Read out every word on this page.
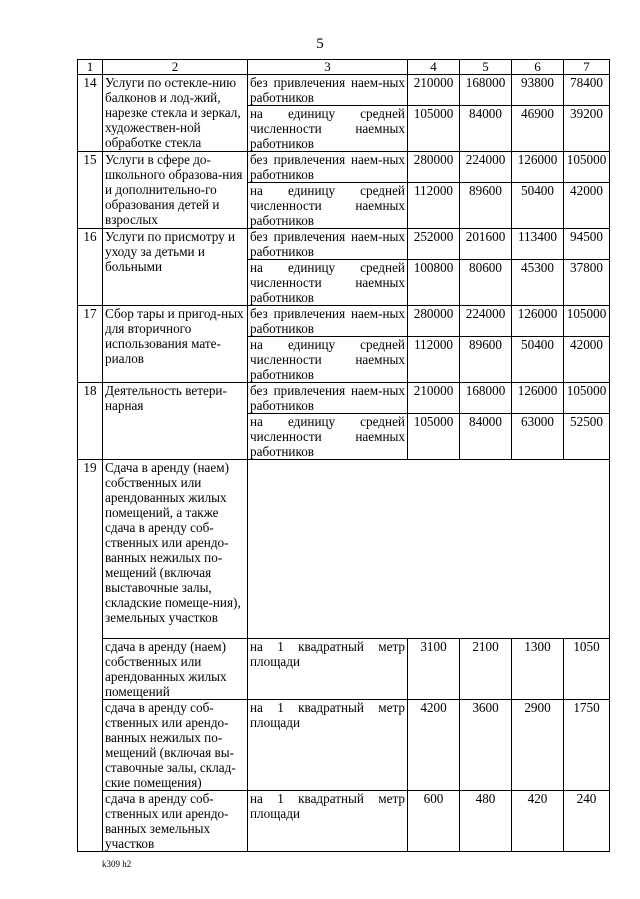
5
1	2	3	4	5	6	7
14	Услуги по остекле-нию балконов и лод-жий, нарезке стекла и зеркал, художествен-ной обработке стекла	без привлечения наем-ных работников	210000	168000	93800	78400
		на единицу средней численности наемных работников	105000	84000	46900	39200
15	Услуги в сфере до-школьного образова-ния и дополнительно-го образования детей и взрослых	без привлечения наем-ных работников	280000	224000	126000	105000
		на единицу средней численности наемных работников	112000	89600	50400	42000
16	Услуги по присмотру и уходу за детьми и больными	без привлечения наем-ных работников	252000	201600	113400	94500
		на единицу средней численности наемных работников	100800	80600	45300	37800
17	Сбор тары и пригод-ных для вторичного использования мате-риалов	без привлечения наем-ных работников	280000	224000	126000	105000
		на единицу средней численности наемных работников	112000	89600	50400	42000
18	Деятельность ветери-нарная	без привлечения наем-ных работников	210000	168000	126000	105000
		на единицу средней численности наемных работников	105000	84000	63000	52500
19	Сдача в аренду (наем) собственных или арендованных жилых помещений, а также сдача в аренду соб-ственных или арендо-ванных нежилых по-мещений (включая выставочные залы, складские помеще-ния), земельных участков					
	сдача в аренду (наем) собственных или арендованных жилых помещений	на 1 квадратный метр площади	3100	2100	1300	1050
	сдача в аренду соб-ственных или арендо-ванных нежилых по-мещений (включая вы-ставочные залы, склад-ские помещения)	на 1 квадратный метр площади	4200	3600	2900	1750
	сдача в аренду соб-ственных или арендо-ванных земельных участков	на 1 квадратный метр площади	600	480	420	240
k309 h2
